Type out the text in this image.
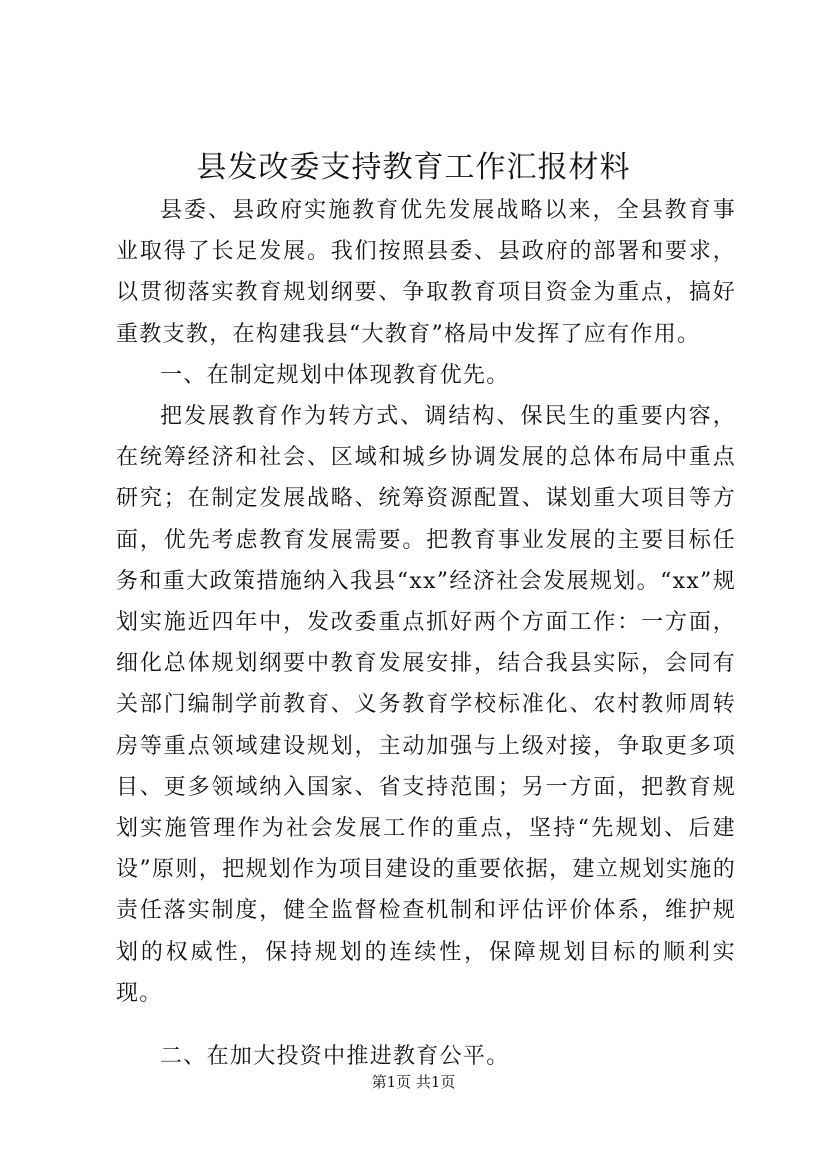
县发改委支持教育工作汇报材料

县委、县政府实施教育优先发展战略以来，全县教育事业取得了长足发展。我们按照县委、县政府的部署和要求，以贯彻落实教育规划纲要、争取教育项目资金为重点，搞好重教支教，在构建我县“大教育”格局中发挥了应有作用。

一、在制定规划中体现教育优先。

把发展教育作为转方式、调结构、保民生的重要内容，在统筹经济和社会、区域和城乡协调发展的总体布局中重点研究；在制定发展战略、统筹资源配置、谋划重大项目等方面，优先考虑教育发展需要。把教育事业发展的主要目标任务和重大政策措施纳入我县“xx”经济社会发展规划。“xx”规划实施近四年中，发改委重点抓好两个方面工作：一方面，细化总体规划纲要中教育发展安排，结合我县实际，会同有关部门编制学前教育、义务教育学校标准化、农村教师周转房等重点领域建设规划，主动加强与上级对接，争取更多项目、更多领域纳入国家、省支持范围；另一方面，把教育规划实施管理作为社会发展工作的重点，坚持“先规划、后建设”原则，把规划作为项目建设的重要依据，建立规划实施的责任落实制度，健全监督检查机制和评估评价体系，维护规划的权威性，保持规划的连续性，保障规划目标的顺利实现。

二、在加大投资中推进教育公平。

第1页 共1页
